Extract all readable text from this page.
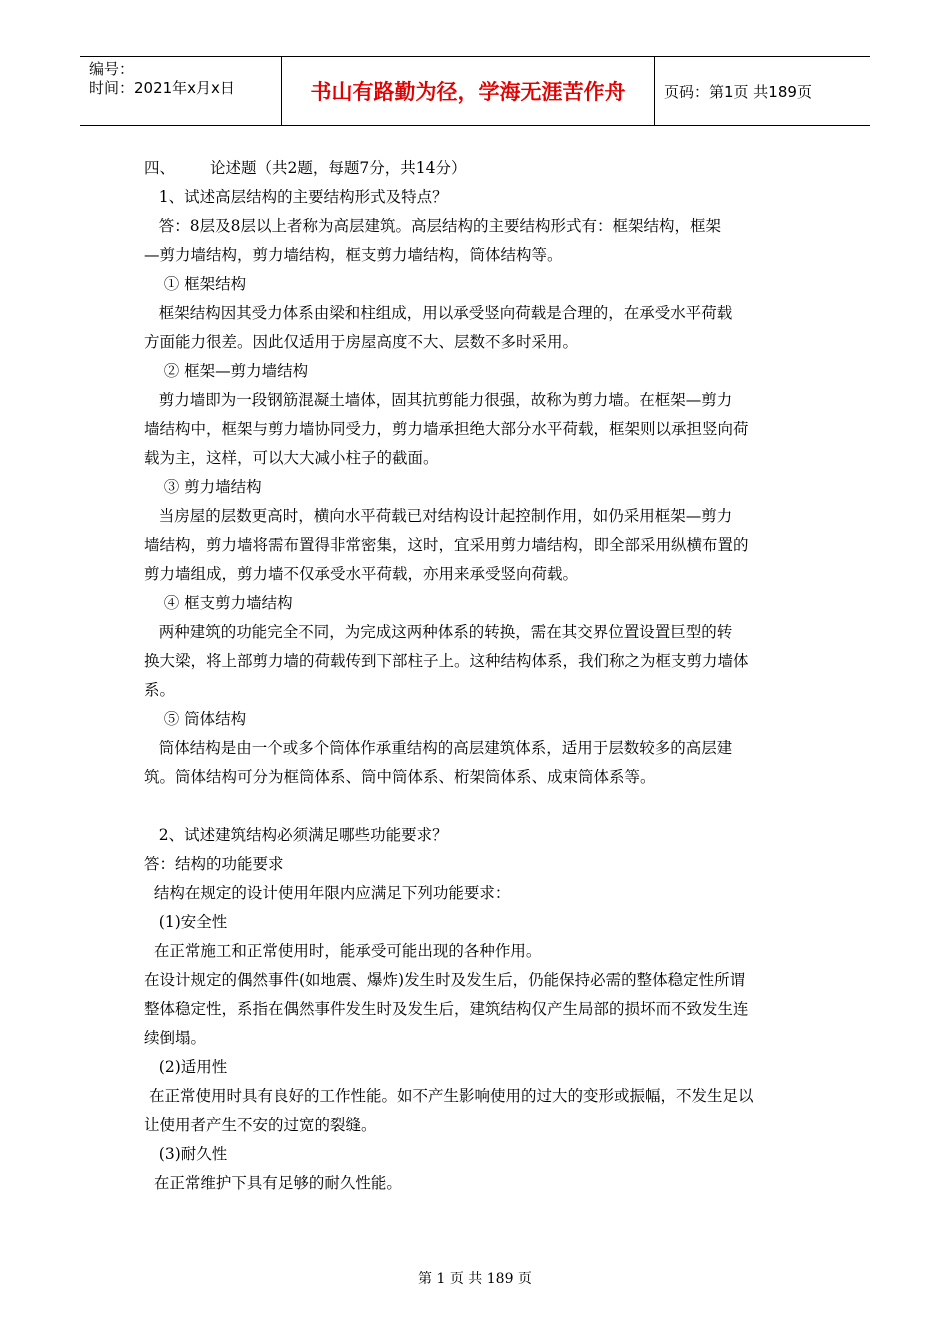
编号：
时间：2021年x月x日	书山有路勤为径，学海无涯苦作舟	页码：第1页 共189页
四、	论述题（共2题，每题7分，共14分）

1、试述高层结构的主要结构形式及特点？

答：8层及8层以上者称为高层建筑。高层结构的主要结构形式有：框架结构，框架

—剪力墙结构，剪力墙结构，框支剪力墙结构，筒体结构等。

① 框架结构

框架结构因其受力体系由梁和柱组成，用以承受竖向荷载是合理的，在承受水平荷载

方面能力很差。因此仅适用于房屋高度不大、层数不多时采用。

② 框架—剪力墙结构

剪力墙即为一段钢筋混凝土墙体，固其抗剪能力很强，故称为剪力墙。在框架—剪力

墙结构中，框架与剪力墙协同受力，剪力墙承担绝大部分水平荷载，框架则以承担竖向荷

载为主，这样，可以大大减小柱子的截面。

③ 剪力墙结构

当房屋的层数更高时，横向水平荷载已对结构设计起控制作用，如仍采用框架—剪力

墙结构，剪力墙将需布置得非常密集，这时，宜采用剪力墙结构，即全部采用纵横布置的

剪力墙组成，剪力墙不仅承受水平荷载，亦用来承受竖向荷载。

④ 框支剪力墙结构

两种建筑的功能完全不同，为完成这两种体系的转换，需在其交界位置设置巨型的转

换大梁，将上部剪力墙的荷载传到下部柱子上。这种结构体系，我们称之为框支剪力墙体

系。

⑤ 筒体结构

筒体结构是由一个或多个筒体作承重结构的高层建筑体系，适用于层数较多的高层建

筑。筒体结构可分为框筒体系、筒中筒体系、桁架筒体系、成束筒体系等。

2、试述建筑结构必须满足哪些功能要求？

答：结构的功能要求

结构在规定的设计使用年限内应满足下列功能要求：

(1)安全性

在正常施工和正常使用时，能承受可能出现的各种作用。

在设计规定的偶然事件(如地震、爆炸)发生时及发生后，仍能保持必需的整体稳定性所谓

整体稳定性，系指在偶然事件发生时及发生后，建筑结构仅产生局部的损坏而不致发生连

续倒塌。

(2)适用性

在正常使用时具有良好的工作性能。如不产生影响使用的过大的变形或振幅，不发生足以

让使用者产生不安的过宽的裂缝。

(3)耐久性

在正常维护下具有足够的耐久性能。

第 1 页 共 189 页
